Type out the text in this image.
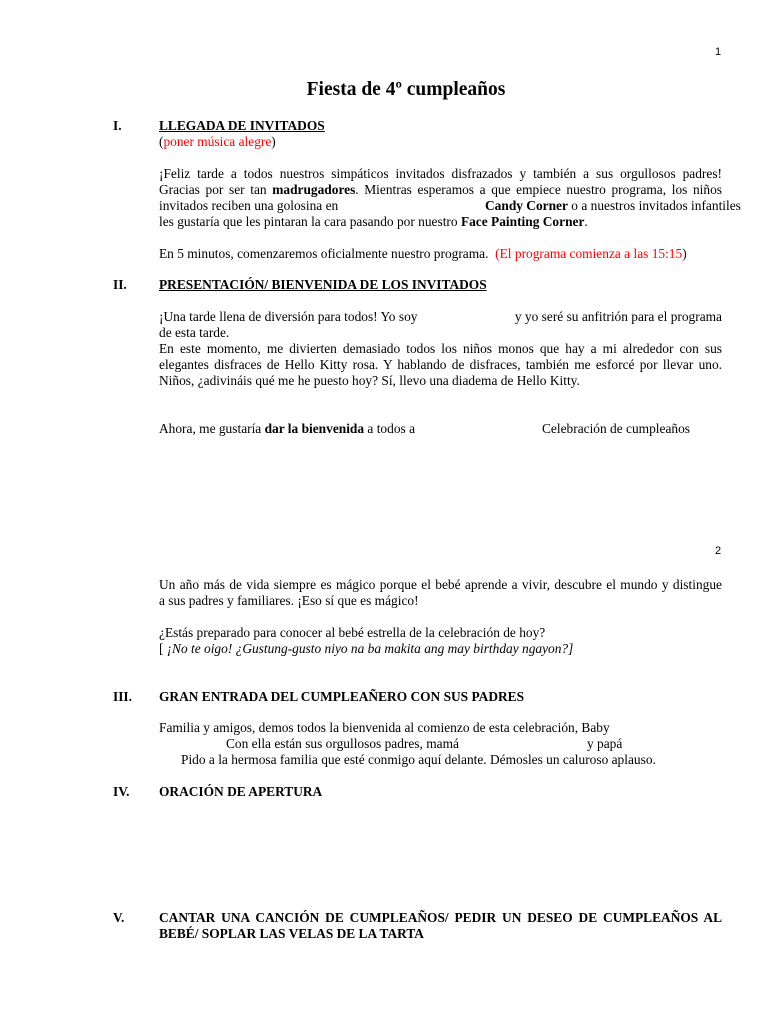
1
Fiesta de 4º cumpleaños
I.	LLEGADA DE INVITADOS
(poner música alegre)
¡Feliz tarde a todos nuestros simpáticos invitados disfrazados y también a sus orgullosos padres!
Gracias por ser tan madrugadores. Mientras esperamos a que empiece nuestro programa, los niños
invitados reciben una golosina en	Candy Corner o a nuestros invitados infantiles
les gustaría que les pintaran la cara pasando por nuestro Face Painting Corner.
En 5 minutos, comenzaremos oficialmente nuestro programa. (El programa comienza a las 15:15)
II. PRESENTACIÓN/ BIENVENIDA DE LOS INVITADOS
¡Una tarde llena de diversión para todos! Yo soy	y yo seré su anfitrión para el programa
de esta tarde.
En este momento, me divierten demasiado todos los niños monos que hay a mi alrededor con sus
elegantes disfraces de Hello Kitty rosa. Y hablando de disfraces, también me esforcé por llevar uno.
Niños, ¿adivináis qué me he puesto hoy? Sí, llevo una diadema de Hello Kitty.
Ahora, me gustaría dar la bienvenida a todos a	Celebración de cumpleaños
2
Un año más de vida siempre es mágico porque el bebé aprende a vivir, descubre el mundo y distingue
a sus padres y familiares. ¡Eso sí que es mágico!
¿Estás preparado para conocer al bebé estrella de la celebración de hoy?
[ ¡No te oigo! ¿Gustung-gusto niyo na ba makita ang may birthday ngayon?]
III. GRAN ENTRADA DEL CUMPLEAÑERO CON SUS PADRES
Familia y amigos, demos todos la bienvenida al comienzo de esta celebración, Baby
Con ella están sus orgullosos padres, mamá	y papá
Pido a la hermosa familia que esté conmigo aquí delante. Démosles un caluroso aplauso.
IV. ORACIÓN DE APERTURA
V.	CANTAR UNA CANCIÓN DE CUMPLEAÑOS/ PEDIR UN DESEO DE CUMPLEAÑOS AL
BEBÉ/ SOPLAR LAS VELAS DE LA TARTA
